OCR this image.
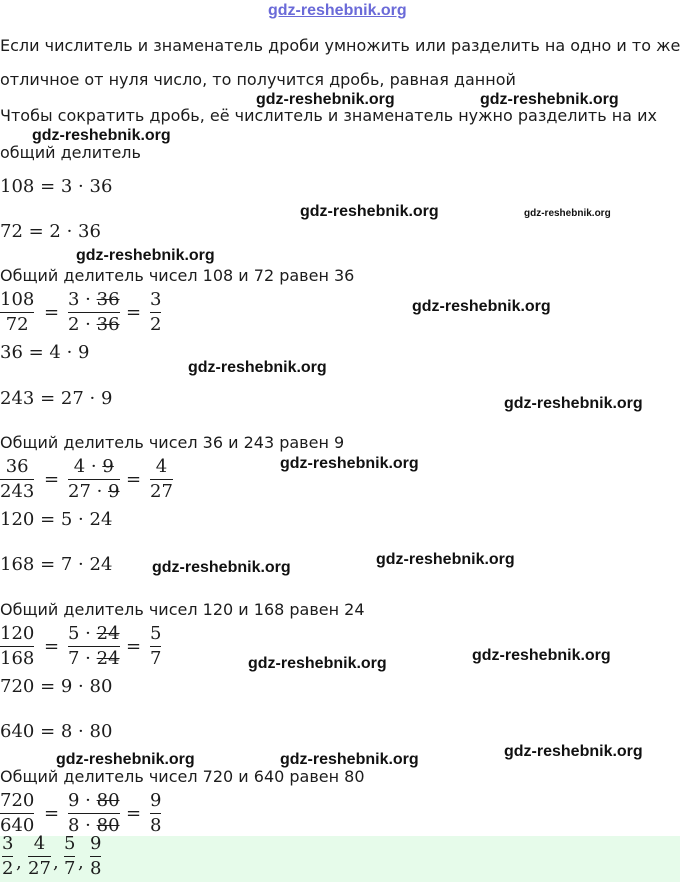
gdz-reshebnik.org
Если числитель и знаменатель дроби умножить или разделить на одно и то же
отличное от нуля число, то получится дробь, равная данной
Чтобы сократить дробь, её числитель и знаменатель нужно разделить на их
общий делитель
108 = 3 · 36
72 = 2 · 36
Общий делитель чисел 108 и 72 равен 36
108
72
=
3 · 36
2 · 36
=
3
2
36 = 4 · 9
243 = 27 · 9
Общий делитель чисел 36 и 243 равен 9
36
243
=
4 · 9
27 · 9
=
4
27
120 = 5 · 24
168 = 7 · 24
Общий делитель чисел 120 и 168 равен 24
120
168
=
5 · 24
7 · 24
=
5
7
720 = 9 · 80
640 = 8 · 80
Общий делитель чисел 720 и 640 равен 80
720
640
=
9 · 80
8 · 80
=
9
8
3
2 ,
4
27 ,
5
7 ,
9
8
gdz-reshebnik.org	gdz-reshebnik.org
gdz-reshebnik.org
gdz-reshebnik.org	gdz-reshebnik.org
gdz-reshebnik.org
gdz-reshebnik.org
gdz-reshebnik.org
gdz-reshebnik.org
gdz-reshebnik.org
gdz-reshebnik.org
gdz-reshebnik.org
gdz-reshebnik.org
gdz-reshebnik.org
gdz-reshebnik.org
gdz-reshebnik.org	gdz-reshebnik.org
